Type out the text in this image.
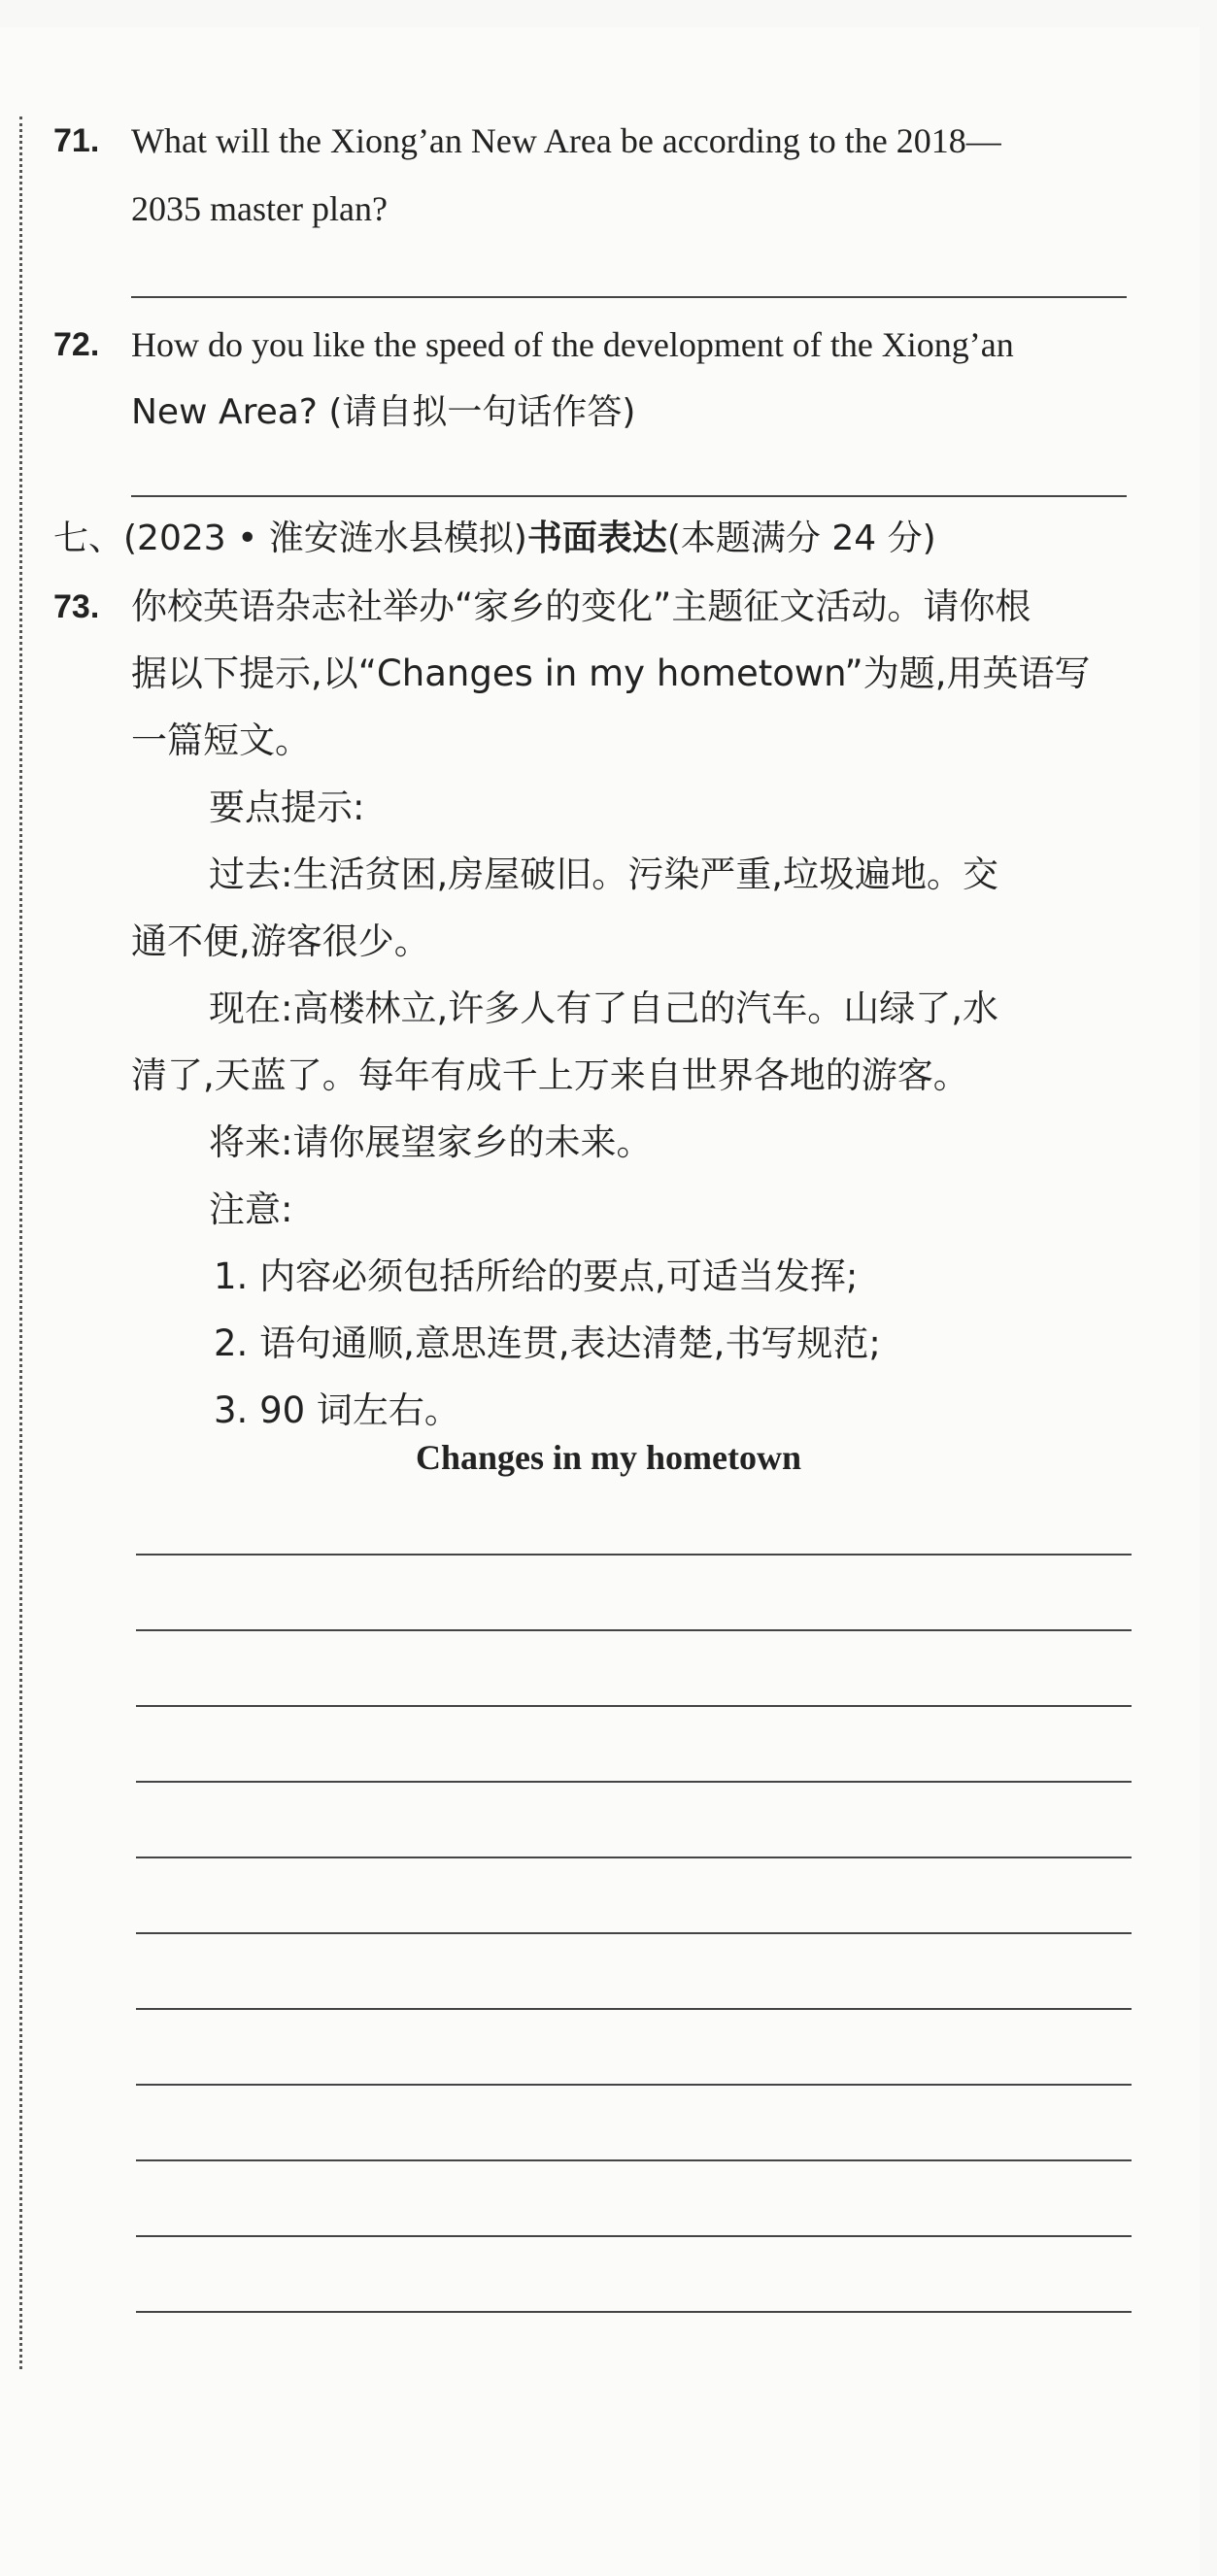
71. What will the Xiong’an New Area be according to the 2018—
2035 master plan?
72. How do you like the speed of the development of the Xiong’an
New Area? (请自拟一句话作答)
七、(2023 • 淮安涟水县模拟)书面表达(本题满分 24 分)
73. 你校英语杂志社举办“家乡的变化”主题征文活动。请你根
据以下提示,以“Changes in my hometown”为题,用英语写
一篇短文。
要点提示:
过去:生活贫困,房屋破旧。污染严重,垃圾遍地。交
通不便,游客很少。
现在:高楼林立,许多人有了自己的汽车。山绿了,水
清了,天蓝了。每年有成千上万来自世界各地的游客。
将来:请你展望家乡的未来。
注意:
1. 内容必须包括所给的要点,可适当发挥;
2. 语句通顺,意思连贯,表达清楚,书写规范;
3. 90 词左右。
Changes in my hometown
